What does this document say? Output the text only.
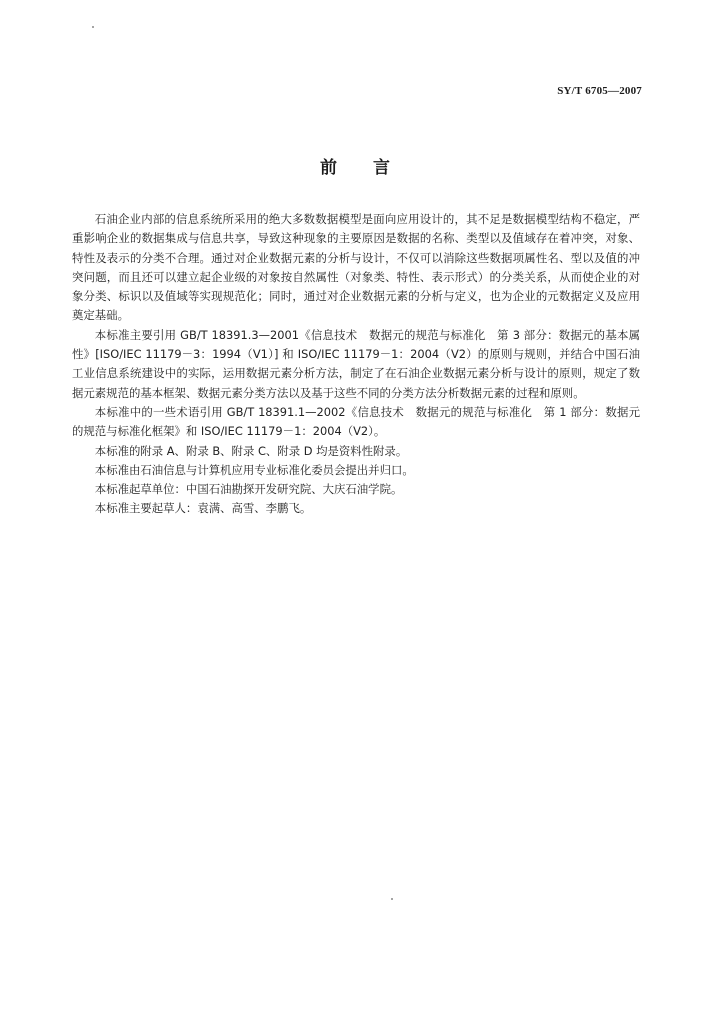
SY/T 6705—2007
前言

石油企业内部的信息系统所采用的绝大多数数据模型是面向应用设计的，其不足是数据模型结构不稳定，严重影响企业的数据集成与信息共享，导致这种现象的主要原因是数据的名称、类型以及值域存在着冲突，对象、特性及表示的分类不合理。通过对企业数据元素的分析与设计，不仅可以消除这些数据项属性名、型以及值的冲突问题，而且还可以建立起企业级的对象按自然属性（对象类、特性、表示形式）的分类关系，从而使企业的对象分类、标识以及值域等实现规范化；同时，通过对企业数据元素的分析与定义，也为企业的元数据定义及应用奠定基础。

本标准主要引用 GB/T 18391.3—2001《信息技术　数据元的规范与标准化　第 3 部分：数据元的基本属性》[ISO/IEC 11179－3：1994（V1）] 和 ISO/IEC 11179－1：2004（V2）的原则与规则，并结合中国石油工业信息系统建设中的实际，运用数据元素分析方法，制定了在石油企业数据元素分析与设计的原则，规定了数据元素规范的基本框架、数据元素分类方法以及基于这些不同的分类方法分析数据元素的过程和原则。

本标准中的一些术语引用 GB/T 18391.1—2002《信息技术　数据元的规范与标准化　第 1 部分：数据元的规范与标准化框架》和 ISO/IEC 11179－1：2004（V2）。

本标准的附录 A、附录 B、附录 C、附录 D 均是资料性附录。

本标准由石油信息与计算机应用专业标准化委员会提出并归口。

本标准起草单位：中国石油勘探开发研究院、大庆石油学院。

本标准主要起草人：袁满、高雪、李鹏飞。
